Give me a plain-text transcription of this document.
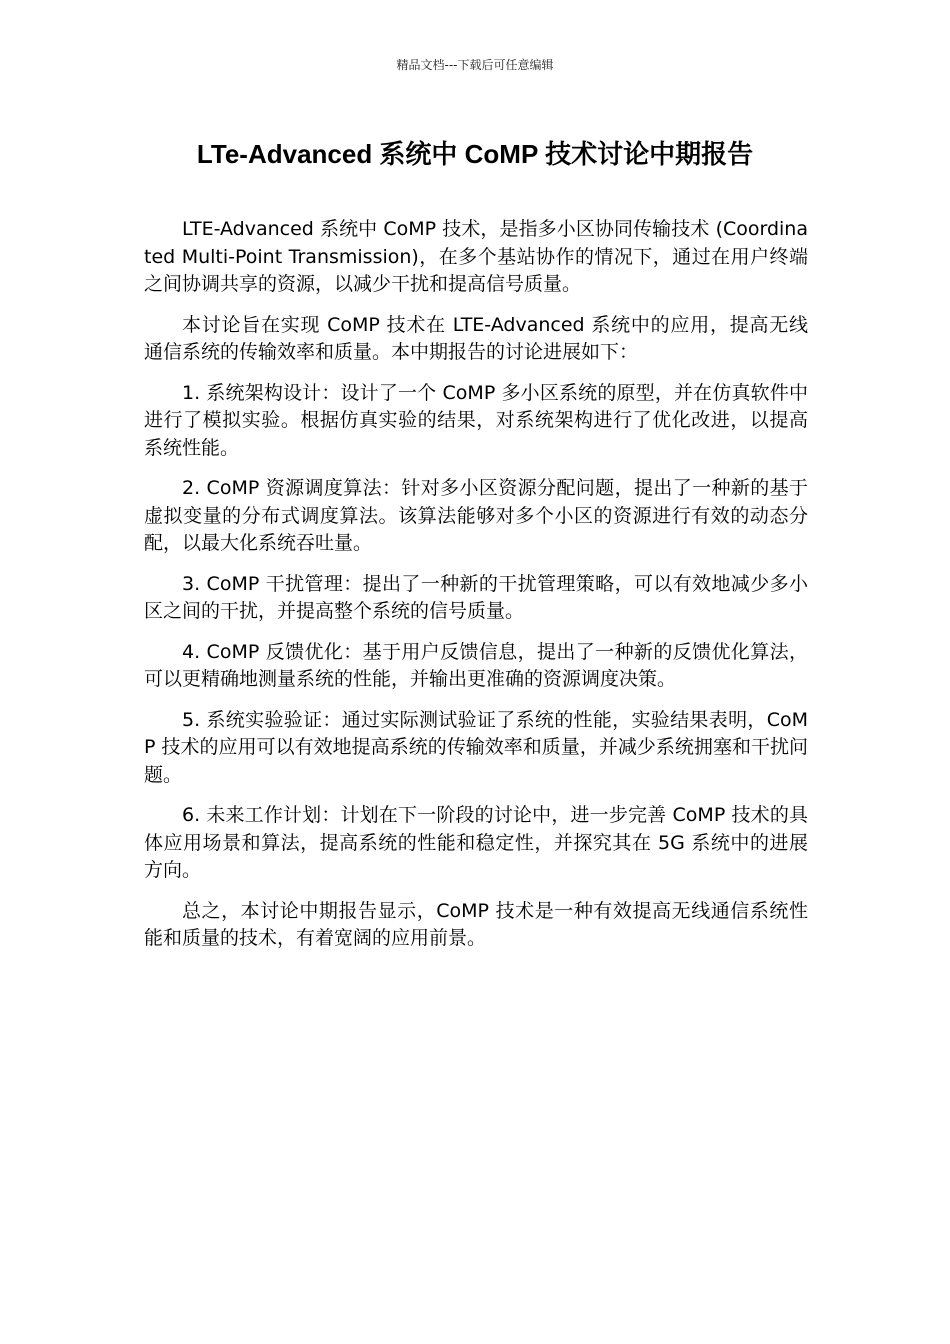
精品文档---下载后可任意编辑
LTe-Advanced 系统中 CoMP 技术讨论中期报告

LTE-Advanced 系统中 CoMP 技术，是指多小区协同传输技术 (Coordinated Multi-Point Transmission)，在多个基站协作的情况下，通过在用户终端之间协调共享的资源，以减少干扰和提高信号质量。

本讨论旨在实现 CoMP 技术在 LTE-Advanced 系统中的应用，提高无线通信系统的传输效率和质量。本中期报告的讨论进展如下：

1. 系统架构设计：设计了一个 CoMP 多小区系统的原型，并在仿真软件中进行了模拟实验。根据仿真实验的结果，对系统架构进行了优化改进，以提高系统性能。

2. CoMP 资源调度算法：针对多小区资源分配问题，提出了一种新的基于虚拟变量的分布式调度算法。该算法能够对多个小区的资源进行有效的动态分配，以最大化系统吞吐量。

3. CoMP 干扰管理：提出了一种新的干扰管理策略，可以有效地减少多小区之间的干扰，并提高整个系统的信号质量。

4. CoMP 反馈优化：基于用户反馈信息，提出了一种新的反馈优化算法，可以更精确地测量系统的性能，并输出更准确的资源调度决策。

5. 系统实验验证：通过实际测试验证了系统的性能，实验结果表明，CoMP 技术的应用可以有效地提高系统的传输效率和质量，并减少系统拥塞和干扰问题。

6. 未来工作计划：计划在下一阶段的讨论中，进一步完善 CoMP 技术的具体应用场景和算法，提高系统的性能和稳定性，并探究其在 5G 系统中的进展方向。

总之，本讨论中期报告显示，CoMP 技术是一种有效提高无线通信系统性能和质量的技术，有着宽阔的应用前景。
